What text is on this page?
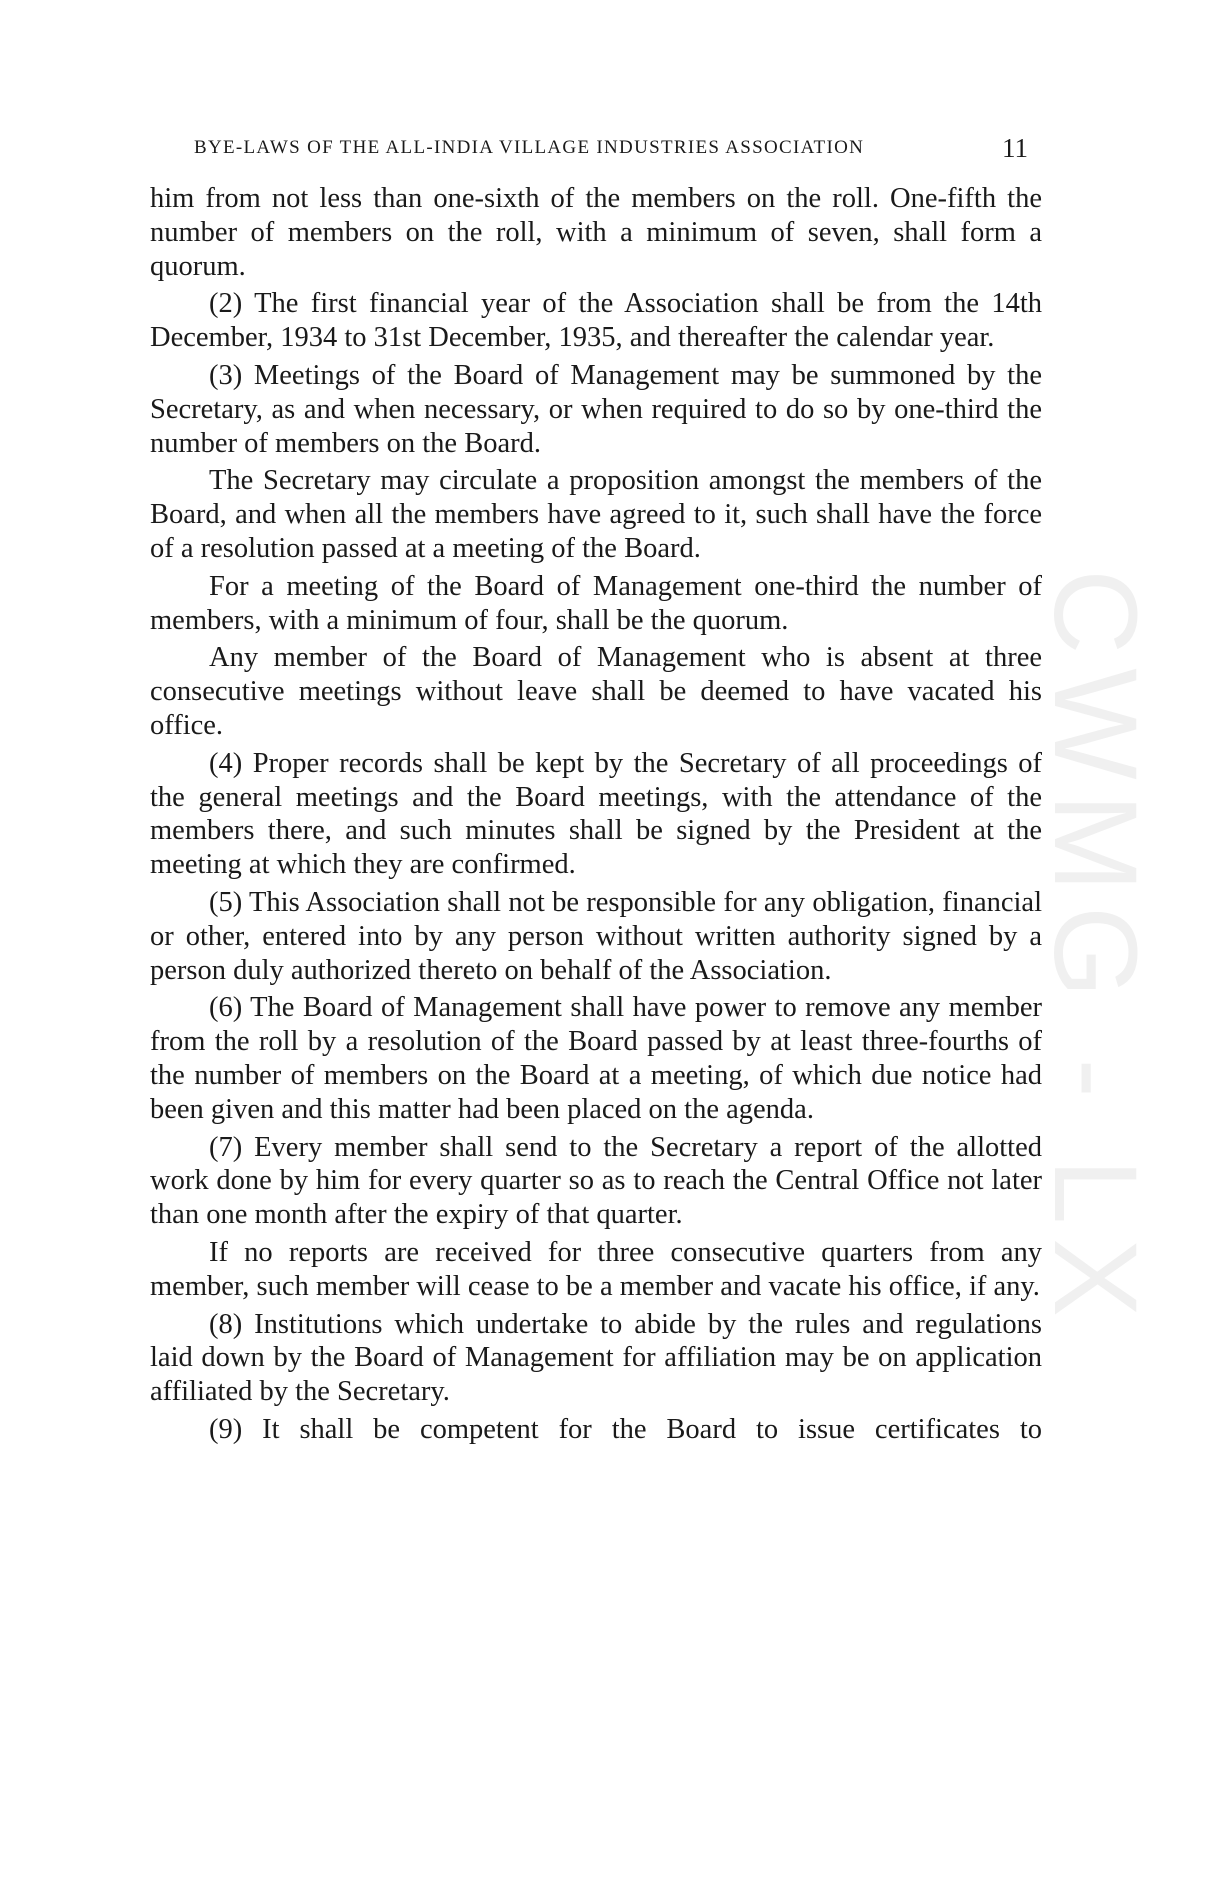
BYE-LAWS OF THE ALL-INDIA VILLAGE INDUSTRIES ASSOCIATION	11
CWMG - LX

him from not less than one-sixth of the members on the roll. One-fifth the number of members on the roll, with a minimum of seven, shall form a quorum.

(2) The first financial year of the Association shall be from the 14th December, 1934 to 31st December, 1935, and thereafter the calendar year.

(3) Meetings of the Board of Management may be summoned by the Secretary, as and when necessary, or when required to do so by one-third the number of members on the Board.

The Secretary may circulate a proposition amongst the members of the Board, and when all the members have agreed to it, such shall have the force of a resolution passed at a meeting of the Board.

For a meeting of the Board of Management one-third the number of members, with a minimum of four, shall be the quorum.

Any member of the Board of Management who is absent at three consecutive meetings without leave shall be deemed to have vacated his office.

(4) Proper records shall be kept by the Secretary of all proceedings of the general meetings and the Board meetings, with the attendance of the members there, and such minutes shall be signed by the President at the meeting at which they are confirmed.

(5) This Association shall not be responsible for any obligation, financial or other, entered into by any person without written authority signed by a person duly authorized thereto on behalf of the Association.

(6) The Board of Management shall have power to remove any member from the roll by a resolution of the Board passed by at least three-fourths of the number of members on the Board at a meeting, of which due notice had been given and this matter had been placed on the agenda.

(7) Every member shall send to the Secretary a report of the allotted work done by him for every quarter so as to reach the Central Office not later than one month after the expiry of that quarter.

If no reports are received for three consecutive quarters from any member, such member will cease to be a member and vacate his office, if any.

(8) Institutions which undertake to abide by the rules and regulations laid down by the Board of Management for affiliation may be on application affiliated by the Secretary.

(9) It shall be competent for the Board to issue certificates to
